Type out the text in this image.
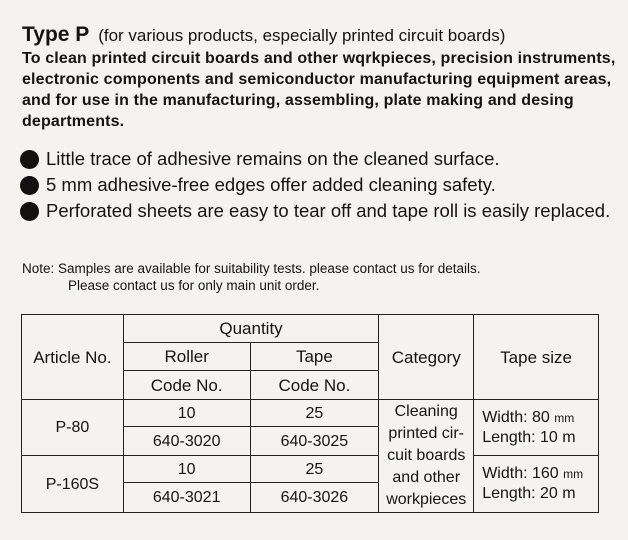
Type P (for various products, especially printed circuit boards)

To clean printed circuit boards and other wqrkpieces, precision instruments, electronic components and semiconductor manufacturing equipment areas, and for use in the manufacturing, assembling, plate making and desing departments.

Little trace of adhesive remains on the cleaned surface.
5 mm adhesive-free edges offer added cleaning safety.
Perforated sheets are easy to tear off and tape roll is easily replaced.
Note: Samples are available for suitability tests. please contact us for details.
Please contact us for only main unit order.
Article No.	Quantity		Category	Tape size
	Roller	Tape		
	Code No.	Code No.		
P-80	10	25	Cleaning printed cir-cuit boards and other workpieces	Width: 80 mm
Length: 10 m

	640-3020	640-3025		
P-160S	10	25		Width: 160 mm
Length: 20 m

	640-3021	640-3026		
